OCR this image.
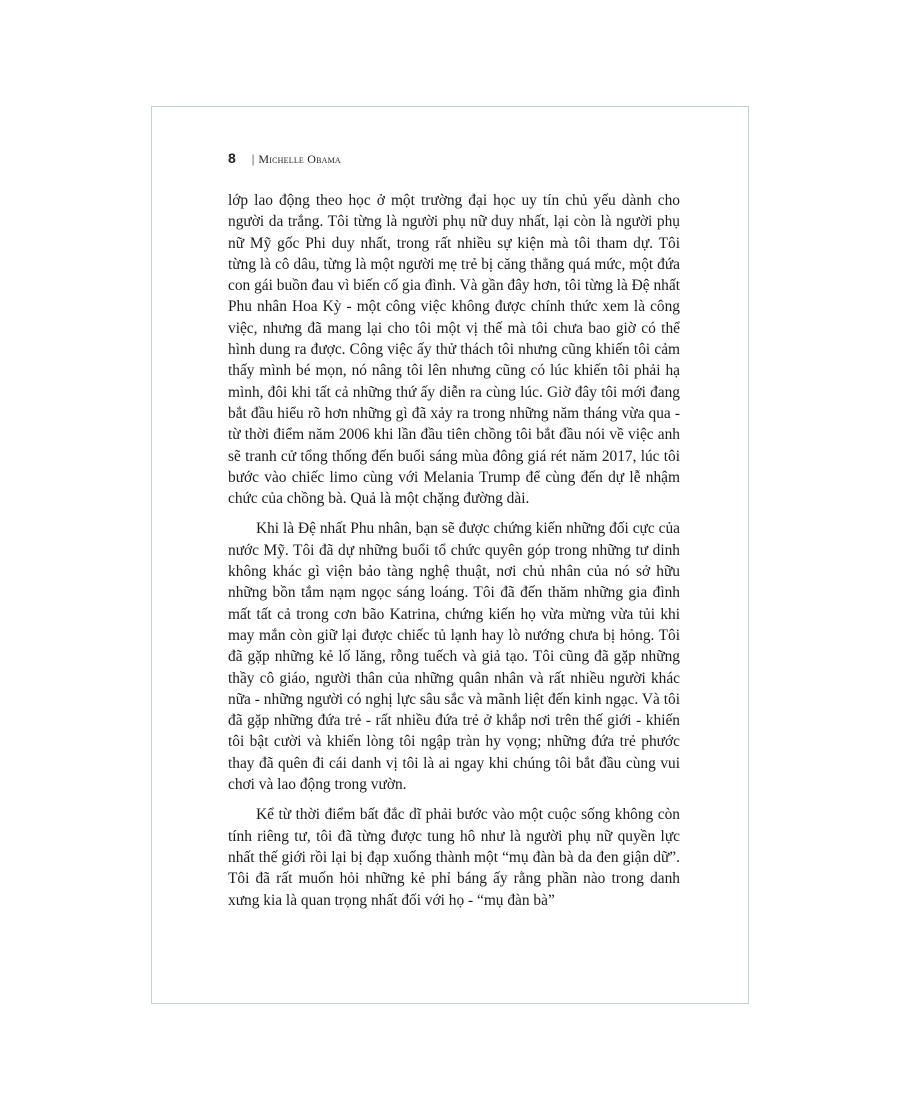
8 | Michelle Obama

lớp lao động theo học ở một trường đại học uy tín chủ yếu dành cho người da trắng. Tôi từng là người phụ nữ duy nhất, lại còn là người phụ nữ Mỹ gốc Phi duy nhất, trong rất nhiều sự kiện mà tôi tham dự. Tôi từng là cô dâu, từng là một người mẹ trẻ bị căng thẳng quá mức, một đứa con gái buồn đau vì biến cố gia đình. Và gần đây hơn, tôi từng là Đệ nhất Phu nhân Hoa Kỳ - một công việc không được chính thức xem là công việc, nhưng đã mang lại cho tôi một vị thế mà tôi chưa bao giờ có thể hình dung ra được. Công việc ấy thử thách tôi nhưng cũng khiến tôi cảm thấy mình bé mọn, nó nâng tôi lên nhưng cũng có lúc khiến tôi phải hạ mình, đôi khi tất cả những thứ ấy diễn ra cùng lúc. Giờ đây tôi mới đang bắt đầu hiểu rõ hơn những gì đã xảy ra trong những năm tháng vừa qua - từ thời điểm năm 2006 khi lần đầu tiên chồng tôi bắt đầu nói về việc anh sẽ tranh cử tổng thống đến buổi sáng mùa đông giá rét năm 2017, lúc tôi bước vào chiếc limo cùng với Melania Trump để cùng đến dự lễ nhậm chức của chồng bà. Quả là một chặng đường dài.

Khi là Đệ nhất Phu nhân, bạn sẽ được chứng kiến những đối cực của nước Mỹ. Tôi đã dự những buổi tổ chức quyên góp trong những tư dinh không khác gì viện bảo tàng nghệ thuật, nơi chủ nhân của nó sở hữu những bồn tắm nạm ngọc sáng loáng. Tôi đã đến thăm những gia đình mất tất cả trong cơn bão Katrina, chứng kiến họ vừa mừng vừa tủi khi may mắn còn giữ lại được chiếc tủ lạnh hay lò nướng chưa bị hỏng. Tôi đã gặp những kẻ lố lăng, rỗng tuếch và giả tạo. Tôi cũng đã gặp những thầy cô giáo, người thân của những quân nhân và rất nhiều người khác nữa - những người có nghị lực sâu sắc và mãnh liệt đến kinh ngạc. Và tôi đã gặp những đứa trẻ - rất nhiều đứa trẻ ở khắp nơi trên thế giới - khiến tôi bật cười và khiến lòng tôi ngập tràn hy vọng; những đứa trẻ phước thay đã quên đi cái danh vị tôi là ai ngay khi chúng tôi bắt đầu cùng vui chơi và lao động trong vườn.

Kể từ thời điểm bất đắc dĩ phải bước vào một cuộc sống không còn tính riêng tư, tôi đã từng được tung hô như là người phụ nữ quyền lực nhất thế giới rồi lại bị đạp xuống thành một “mụ đàn bà da đen giận dữ”. Tôi đã rất muốn hỏi những kẻ phỉ báng ấy rằng phần nào trong danh xưng kia là quan trọng nhất đối với họ - “mụ đàn bà”
